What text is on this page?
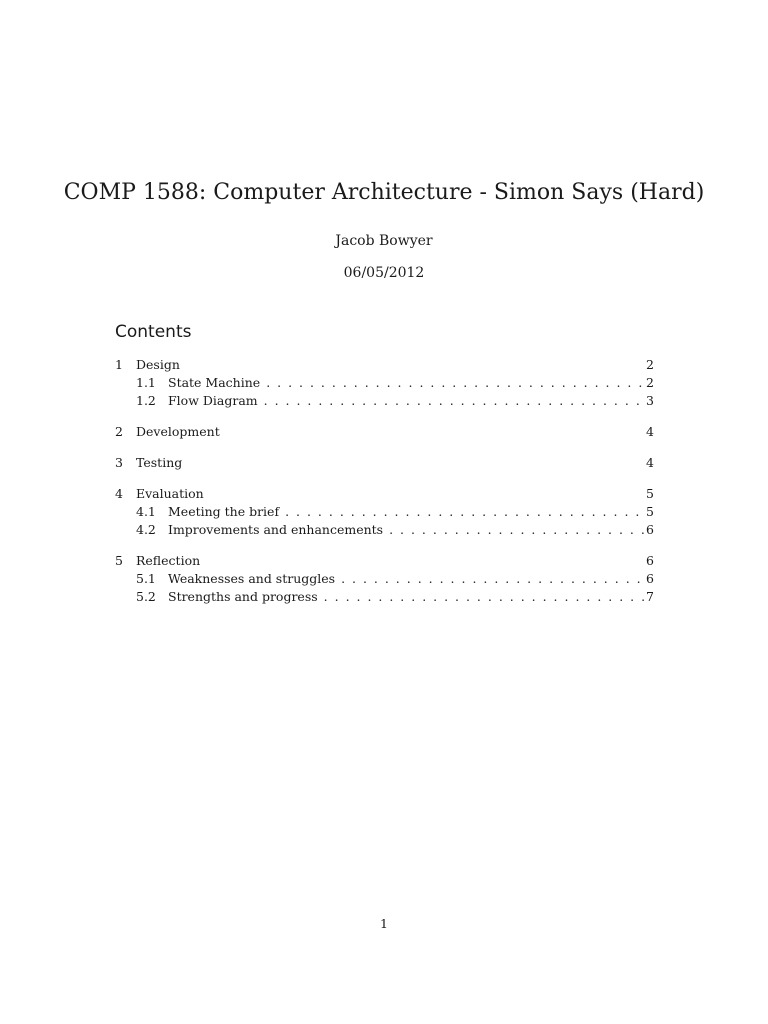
COMP 1588: Computer Architecture - Simon Says (Hard)
Jacob Bowyer
06/05/2012
Contents
1	Design	2
1.1 State Machine . . .	2
1.2 Flow Diagram . . .	3
2	Development	4
3	Testing	4
4	Evaluation	5
4.1 Meeting the brief . . .	5
4.2 Improvements and enhancements . . .	6
5	Reflection	6
5.1 Weaknesses and struggles . . .	6
5.2 Strengths and progress . . .	7
1
